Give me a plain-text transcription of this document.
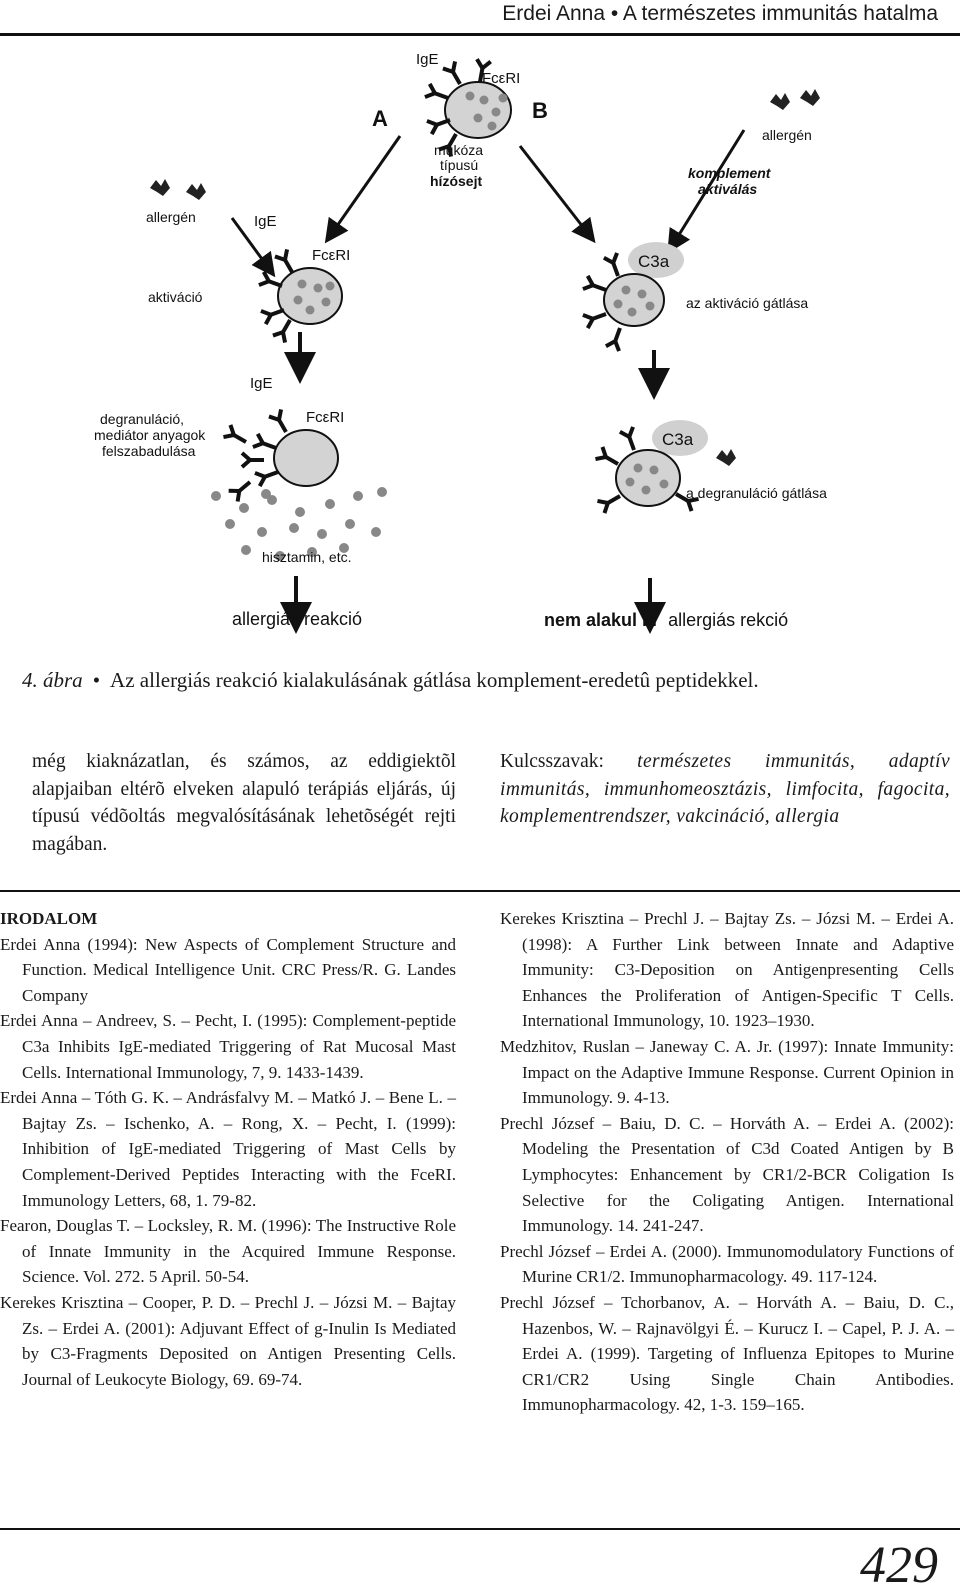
Erdei Anna • A természetes immunitás hatalma
IgE
FcεRI
mukóza
típusú
hízósejt
A	B
allergén	IgE
FcεRI
aktiváció
allergén
komplement
aktiválás
C3a
az aktiváció gátlása
IgE
FcεRI
degranuláció,
mediátor anyagok
felszabadulása
hisztamin, etc.
C3a
a degranuláció gátlása
allergiás reakció	nem alakul ki allergiás rekció
4. ábra • Az allergiás reakció kialakulásának gátlása komplement-eredetû peptidekkel.
még kiaknázatlan, és számos, az eddigiektõl alapjaiban eltérõ elveken alapuló terápiás eljárás, új típusú védõoltás megvalósításának lehetõségét rejti magában.
Kulcsszavak: természetes immunitás, adaptív immunitás, immunhomeosztázis, limfocita, fagocita, komplementrendszer, vakcináció, allergia
IRODALOM
Erdei Anna (1994): New Aspects of Complement Structure and Function. Medical Intelligence Unit. CRC Press/R. G. Landes Company
Erdei Anna – Andreev, S. – Pecht, I. (1995): Complement-peptide C3a Inhibits IgE-mediated Triggering of Rat Mucosal Mast Cells. International Immunology, 7, 9. 1433-1439.
Erdei Anna – Tóth G. K. – Andrásfalvy M. – Matkó J. – Bene L. – Bajtay Zs. – Ischenko, A. – Rong, X. – Pecht, I. (1999): Inhibition of IgE-mediated Triggering of Mast Cells by Complement-Derived Peptides Interacting with the FceRI. Immunology Letters, 68, 1. 79-82.
Fearon, Douglas T. – Locksley, R. M. (1996): The Instructive Role of Innate Immunity in the Acquired Immune Response. Science. Vol. 272. 5 April. 50-54.
Kerekes Krisztina – Cooper, P. D. – Prechl J. – Józsi M. – Bajtay Zs. – Erdei A. (2001): Adjuvant Effect of g-Inulin Is Mediated by C3-Fragments Deposited on Antigen Presenting Cells. Journal of Leukocyte Biology, 69. 69-74.
Kerekes Krisztina – Prechl J. – Bajtay Zs. – Józsi M. – Erdei A. (1998): A Further Link between Innate and Adaptive Immunity: C3-Deposition on Antigenpresenting Cells Enhances the Proliferation of Antigen-Specific T Cells. International Immunology, 10. 1923–1930.
Medzhitov, Ruslan – Janeway C. A. Jr. (1997): Innate Immunity: Impact on the Adaptive Immune Response. Current Opinion in Immunology. 9. 4-13.
Prechl József – Baiu, D. C. – Horváth A. – Erdei A. (2002): Modeling the Presentation of C3d Coated Antigen by B Lymphocytes: Enhancement by CR1/2-BCR Coligation Is Selective for the Coligating Antigen. International Immunology. 14. 241-247.
Prechl József – Erdei A. (2000). Immunomodulatory Functions of Murine CR1/2. Immunopharmacology. 49. 117-124.
Prechl József – Tchorbanov, A. – Horváth A. – Baiu, D. C., Hazenbos, W. – Rajnavölgyi É. – Kurucz I. – Capel, P. J. A. – Erdei A. (1999). Targeting of Influenza Epitopes to Murine CR1/CR2 Using Single Chain Antibodies. Immunopharmacology. 42, 1-3. 159–165.
429
